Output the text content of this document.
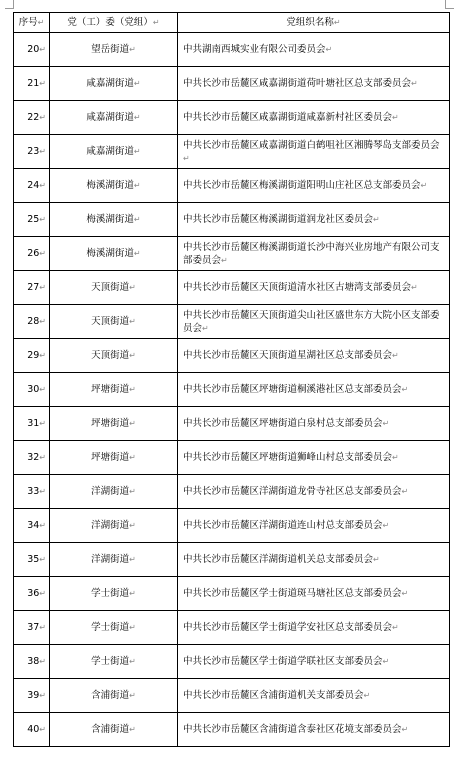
序号↵	党（工）委（党组）↵	党组织名称↵
20↵	望岳街道↵	中共湖南西城实业有限公司委员会↵
21↵	咸嘉湖街道↵	中共长沙市岳麓区咸嘉湖街道荷叶塘社区总支部委员会↵
22↵	咸嘉湖街道↵	中共长沙市岳麓区咸嘉湖街道咸嘉新村社区委员会↵
23↵	咸嘉湖街道↵	中共长沙市岳麓区咸嘉湖街道白鹤咀社区湘腾琴岛支部委员会↵
24↵	梅溪湖街道↵	中共长沙市岳麓区梅溪湖街道阳明山庄社区总支部委员会↵
25↵	梅溪湖街道↵	中共长沙市岳麓区梅溪湖街道润龙社区委员会↵
26↵	梅溪湖街道↵	中共长沙市岳麓区梅溪湖街道长沙中海兴业房地产有限公司支部委员会↵
27↵	天顶街道↵	中共长沙市岳麓区天顶街道清水社区古塘湾支部委员会↵
28↵	天顶街道↵	中共长沙市岳麓区天顶街道尖山社区盛世东方大院小区支部委员会↵
29↵	天顶街道↵	中共长沙市岳麓区天顶街道星湖社区总支部委员会↵
30↵	坪塘街道↵	中共长沙市岳麓区坪塘街道桐溪港社区总支部委员会↵
31↵	坪塘街道↵	中共长沙市岳麓区坪塘街道白泉村总支部委员会↵
32↵	坪塘街道↵	中共长沙市岳麓区坪塘街道狮峰山村总支部委员会↵
33↵	洋湖街道↵	中共长沙市岳麓区洋湖街道龙骨寺社区总支部委员会↵
34↵	洋湖街道↵	中共长沙市岳麓区洋湖街道连山村总支部委员会↵
35↵	洋湖街道↵	中共长沙市岳麓区洋湖街道机关总支部委员会↵
36↵	学士街道↵	中共长沙市岳麓区学士街道斑马塘社区总支部委员会↵
37↵	学士街道↵	中共长沙市岳麓区学士街道学安社区总支部委员会↵
38↵	学士街道↵	中共长沙市岳麓区学士街道学联社区支部委员会↵
39↵	含浦街道↵	中共长沙市岳麓区含浦街道机关支部委员会↵
40↵	含浦街道↵	中共长沙市岳麓区含浦街道含泰社区花境支部委员会↵
